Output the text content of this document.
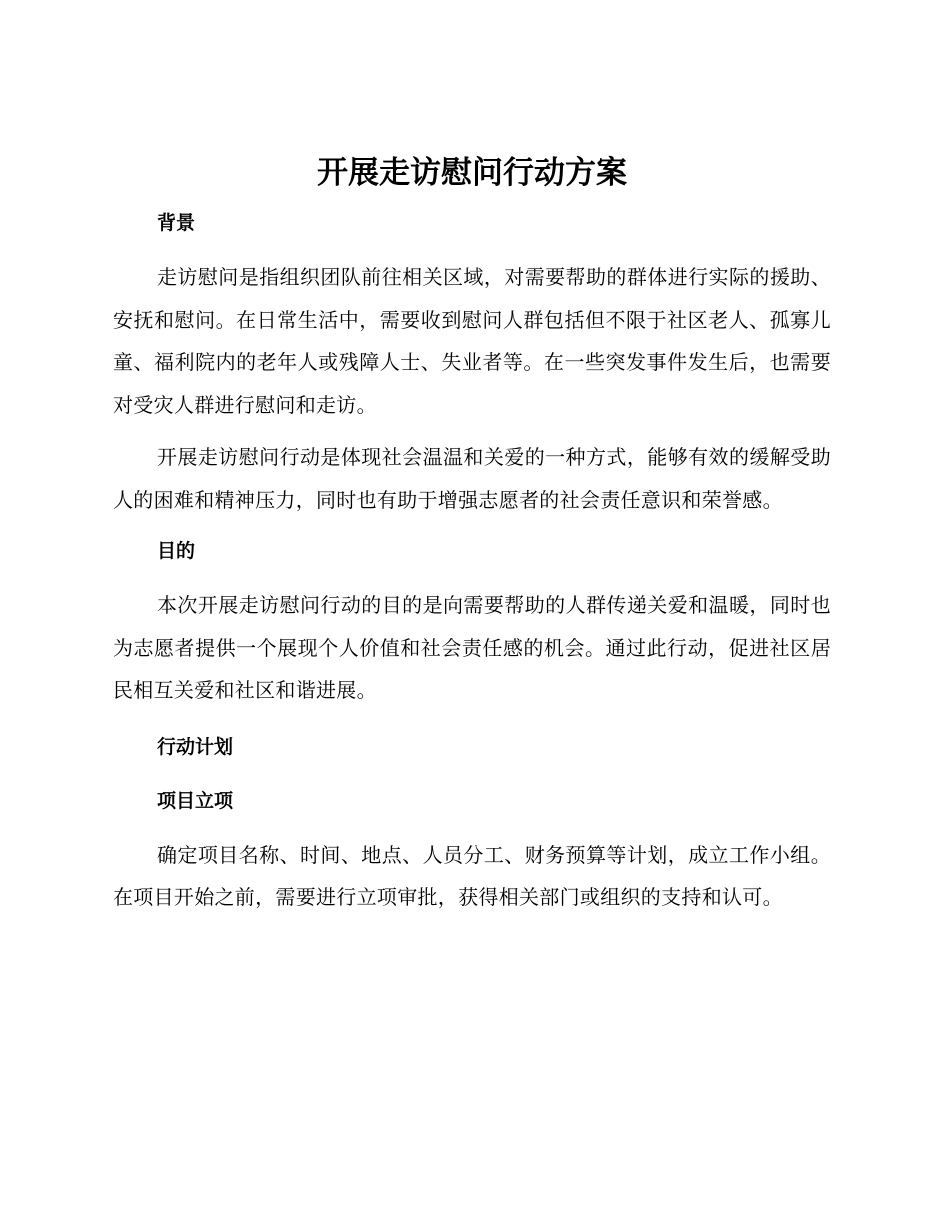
开展走访慰问行动方案
背景

走访慰问是指组织团队前往相关区域，对需要帮助的群体进行实际的援助、安抚和慰问。在日常生活中，需要收到慰问人群包括但不限于社区老人、孤寡儿童、福利院内的老年人或残障人士、失业者等。在一些突发事件发生后，也需要对受灾人群进行慰问和走访。

开展走访慰问行动是体现社会温温和关爱的一种方式，能够有效的缓解受助人的困难和精神压力，同时也有助于增强志愿者的社会责任意识和荣誉感。

目的

本次开展走访慰问行动的目的是向需要帮助的人群传递关爱和温暖，同时也为志愿者提供一个展现个人价值和社会责任感的机会。通过此行动，促进社区居民相互关爱和社区和谐进展。

行动计划
项目立项

确定项目名称、时间、地点、人员分工、财务预算等计划，成立工作小组。在项目开始之前，需要进行立项审批，获得相关部门或组织的支持和认可。
